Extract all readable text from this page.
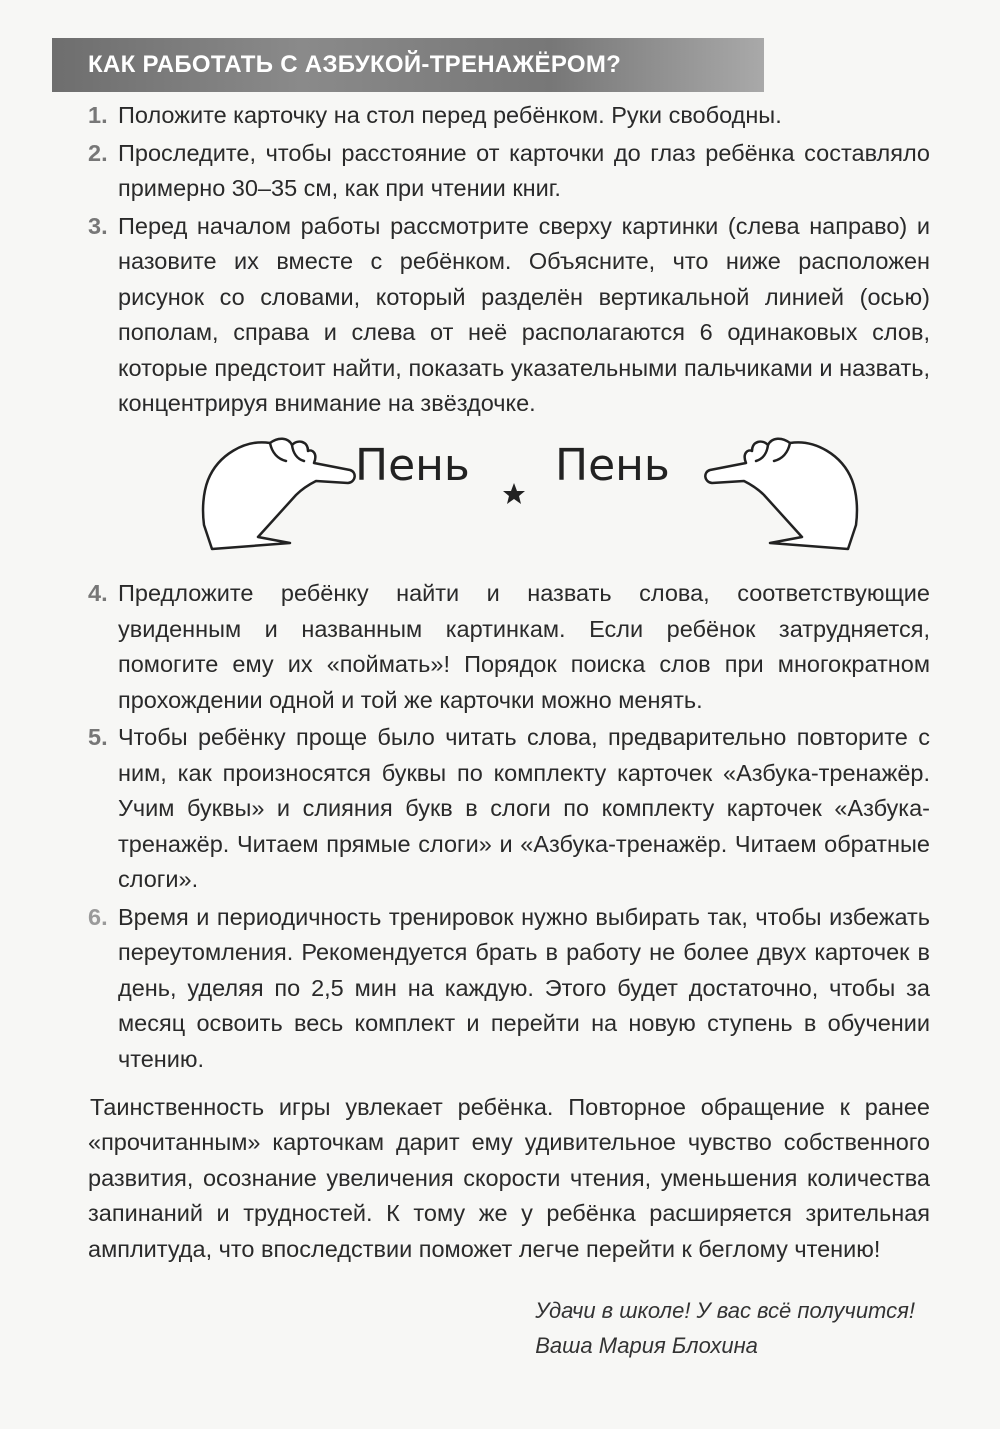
КАК РАБОТАТЬ С АЗБУКОЙ-ТРЕНАЖЁРОМ?
1. Положите карточку на стол перед ребёнком. Руки свободны.
2. Проследите, чтобы расстояние от карточки до глаз ребёнка составляло примерно 30–35 см, как при чтении книг.
3. Перед началом работы рассмотрите сверху картинки (слева направо) и назовите их вместе с ребёнком. Объясните, что ниже расположен рисунок со словами, который разделён вертикальной линией (осью) пополам, справа и слева от неё располагаются 6 одинаковых слов, которые предстоит найти, показать указательными пальчиками и назвать, концентрируя внимание на звёздочке.
Пень Пень
4. Предложите ребёнку найти и назвать слова, соответствующие увиденным и названным картинкам. Если ребёнок затрудняется, помогите ему их «поймать»! Порядок поиска слов при многократном прохождении одной и той же карточки можно менять.
5. Чтобы ребёнку проще было читать слова, предварительно повторите с ним, как произносятся буквы по комплекту карточек «Азбука-тренажёр. Учим буквы» и слияния букв в слоги по комплекту карточек «Азбука-тренажёр. Читаем прямые слоги» и «Азбука-тренажёр. Читаем обратные слоги».
6. Время и периодичность тренировок нужно выбирать так, чтобы избежать переутомления. Рекомендуется брать в работу не более двух карточек в день, уделяя по 2,5 мин на каждую. Этого будет достаточно, чтобы за месяц освоить весь комплект и перейти на новую ступень в обучении чтению.

Таинственность игры увлекает ребёнка. Повторное обращение к ранее «прочитанным» карточкам дарит ему удивительное чувство собственного развития, осознание увеличения скорости чтения, уменьшения количества запинаний и трудностей. К тому же у ребёнка расширяется зрительная амплитуда, что впоследствии поможет легче перейти к беглому чтению!

Удачи в школе! У вас всё получится!
Ваша Мария Блохина
